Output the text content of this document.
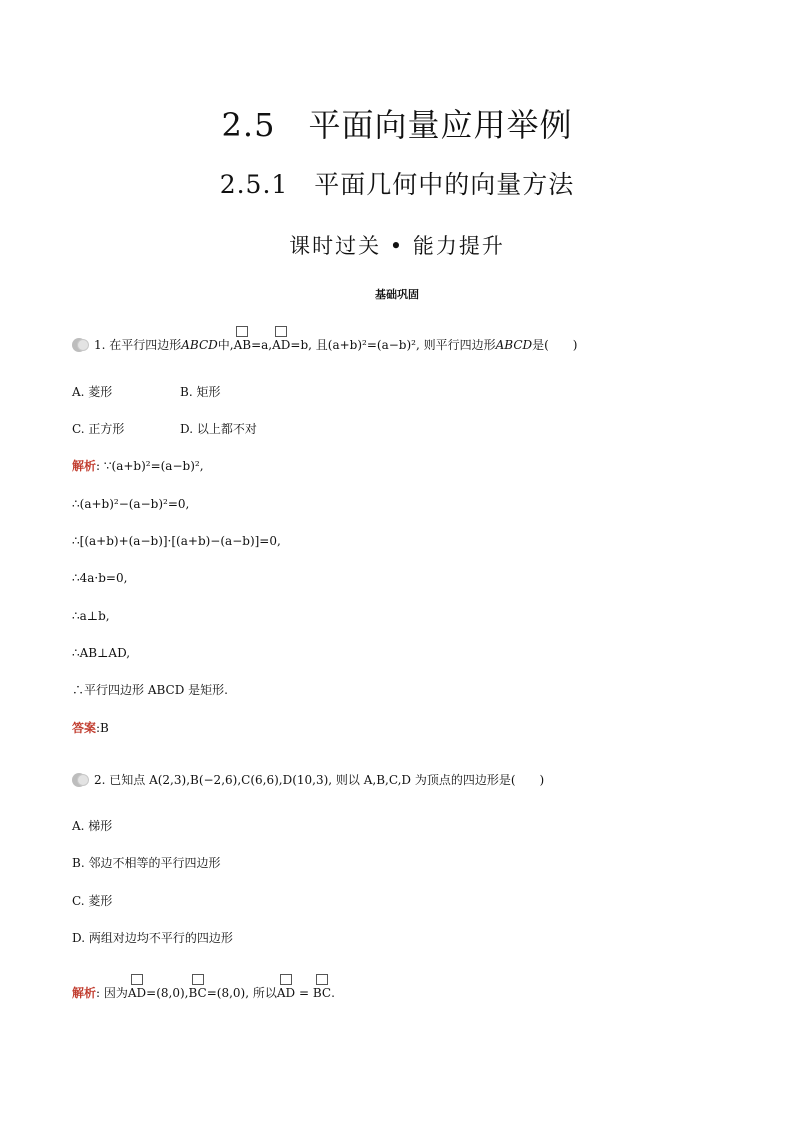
2.5　平面向量应用举例
2.5.1　平面几何中的向量方法
课时过关 • 能力提升
基础巩固
1. 在平行四边形 ABCD 中, AB =a, AD =b, 且(a+b)²=(a−b)², 则平行四边形 ABCD 是(　　)
A. 菱形	B. 矩形
C. 正方形	D. 以上都不对
解析: ∵(a+b)²=(a−b)²,
∴(a+b)²−(a−b)²=0,
∴[(a+b)+(a−b)]·[(a+b)−(a−b)]=0,
∴4a·b=0,
∴a⊥b,
∴AB⊥AD,
∴平行四边形 ABCD 是矩形.
答案:B
2. 已知点 A(2,3),B(−2,6),C(6,6),D(10,3), 则以 A,B,C,D 为顶点的四边形是(　　)
A. 梯形
B. 邻边不相等的平行四边形
C. 菱形
D. 两组对边均不平行的四边形
解析: 因为AD=(8,0),BC=(8,0), 所以AD = BC.
